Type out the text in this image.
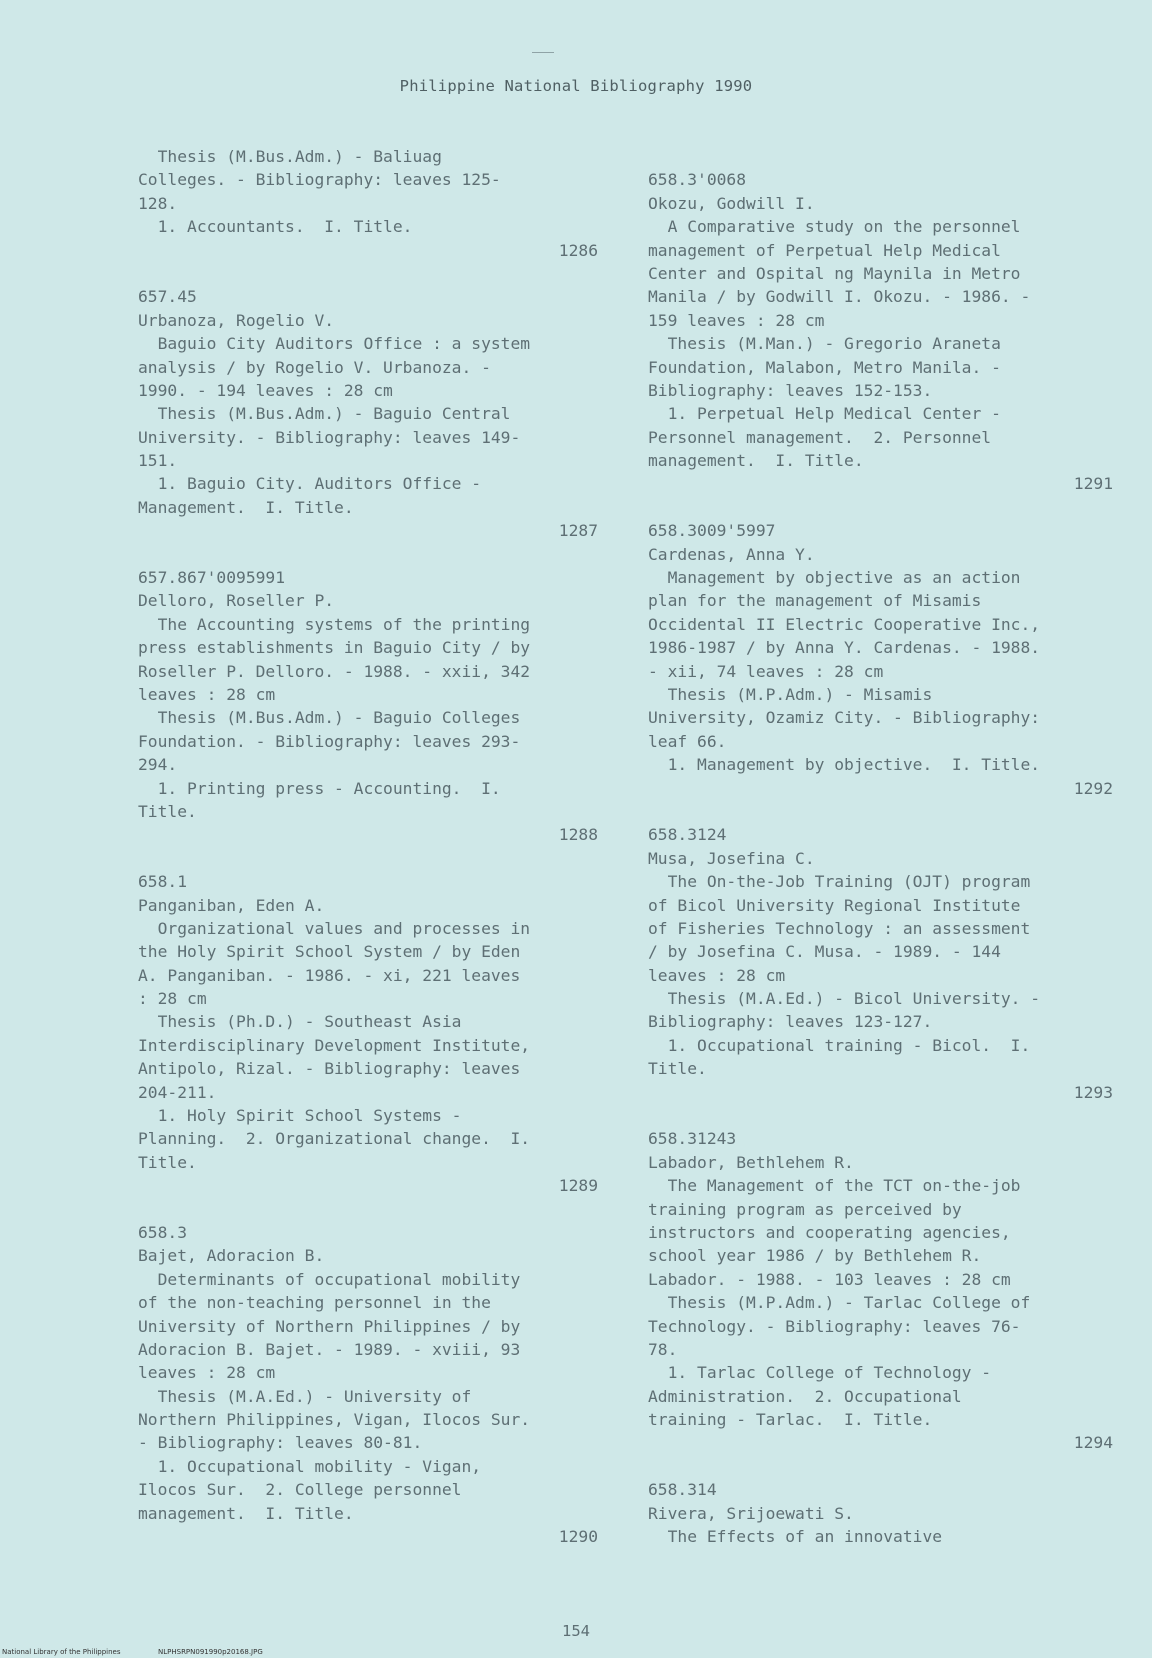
Philippine National Bibliography 1990
Thesis (M.Bus.Adm.) - Baliuag
Colleges. - Bibliography: leaves 125-
128.
1. Accountants.  I. Title.
1286
657.45
Urbanoza, Rogelio V.
Baguio City Auditors Office : a system
analysis / by Rogelio V. Urbanoza. -
1990. - 194 leaves : 28 cm
Thesis (M.Bus.Adm.) - Baguio Central
University. - Bibliography: leaves 149-
151.
1. Baguio City. Auditors Office -
Management.  I. Title.
1287
657.867'0095991
Delloro, Roseller P.
The Accounting systems of the printing
press establishments in Baguio City / by
Roseller P. Delloro. - 1988. - xxii, 342
leaves : 28 cm
Thesis (M.Bus.Adm.) - Baguio Colleges
Foundation. - Bibliography: leaves 293-
294.
1. Printing press - Accounting.  I.
Title.
1288
658.1
Panganiban, Eden A.
Organizational values and processes in
the Holy Spirit School System / by Eden
A. Panganiban. - 1986. - xi, 221 leaves
: 28 cm
Thesis (Ph.D.) - Southeast Asia
Interdisciplinary Development Institute,
Antipolo, Rizal. - Bibliography: leaves
204-211.
1. Holy Spirit School Systems -
Planning.  2. Organizational change.  I.
Title.
1289
658.3
Bajet, Adoracion B.
Determinants of occupational mobility
of the non-teaching personnel in the
University of Northern Philippines / by
Adoracion B. Bajet. - 1989. - xviii, 93
leaves : 28 cm
Thesis (M.A.Ed.) - University of
Northern Philippines, Vigan, Ilocos Sur.
- Bibliography: leaves 80-81.
1. Occupational mobility - Vigan,
Ilocos Sur.  2. College personnel
management.  I. Title.
1290
658.3'0068
Okozu, Godwill I.
A Comparative study on the personnel
management of Perpetual Help Medical
Center and Ospital ng Maynila in Metro
Manila / by Godwill I. Okozu. - 1986. -
159 leaves : 28 cm
Thesis (M.Man.) - Gregorio Araneta
Foundation, Malabon, Metro Manila. -
Bibliography: leaves 152-153.
1. Perpetual Help Medical Center -
Personnel management.  2. Personnel
management.  I. Title.
1291
658.3009'5997
Cardenas, Anna Y.
Management by objective as an action
plan for the management of Misamis
Occidental II Electric Cooperative Inc.,
1986-1987 / by Anna Y. Cardenas. - 1988.
- xii, 74 leaves : 28 cm
Thesis (M.P.Adm.) - Misamis
University, Ozamiz City. - Bibliography:
leaf 66.
1. Management by objective.  I. Title.
1292
658.3124
Musa, Josefina C.
The On-the-Job Training (OJT) program
of Bicol University Regional Institute
of Fisheries Technology : an assessment
/ by Josefina C. Musa. - 1989. - 144
leaves : 28 cm
Thesis (M.A.Ed.) - Bicol University. -
Bibliography: leaves 123-127.
1. Occupational training - Bicol.  I.
Title.
1293
658.31243
Labador, Bethlehem R.
The Management of the TCT on-the-job
training program as perceived by
instructors and cooperating agencies,
school year 1986 / by Bethlehem R.
Labador. - 1988. - 103 leaves : 28 cm
Thesis (M.P.Adm.) - Tarlac College of
Technology. - Bibliography: leaves 76-
78.
1. Tarlac College of Technology -
Administration.  2. Occupational
training - Tarlac.  I. Title.
1294
658.314
Rivera, Srijoewati S.
The Effects of an innovative
154
National Library of the Philippines	NLPHSRPN091990p20168.JPG
